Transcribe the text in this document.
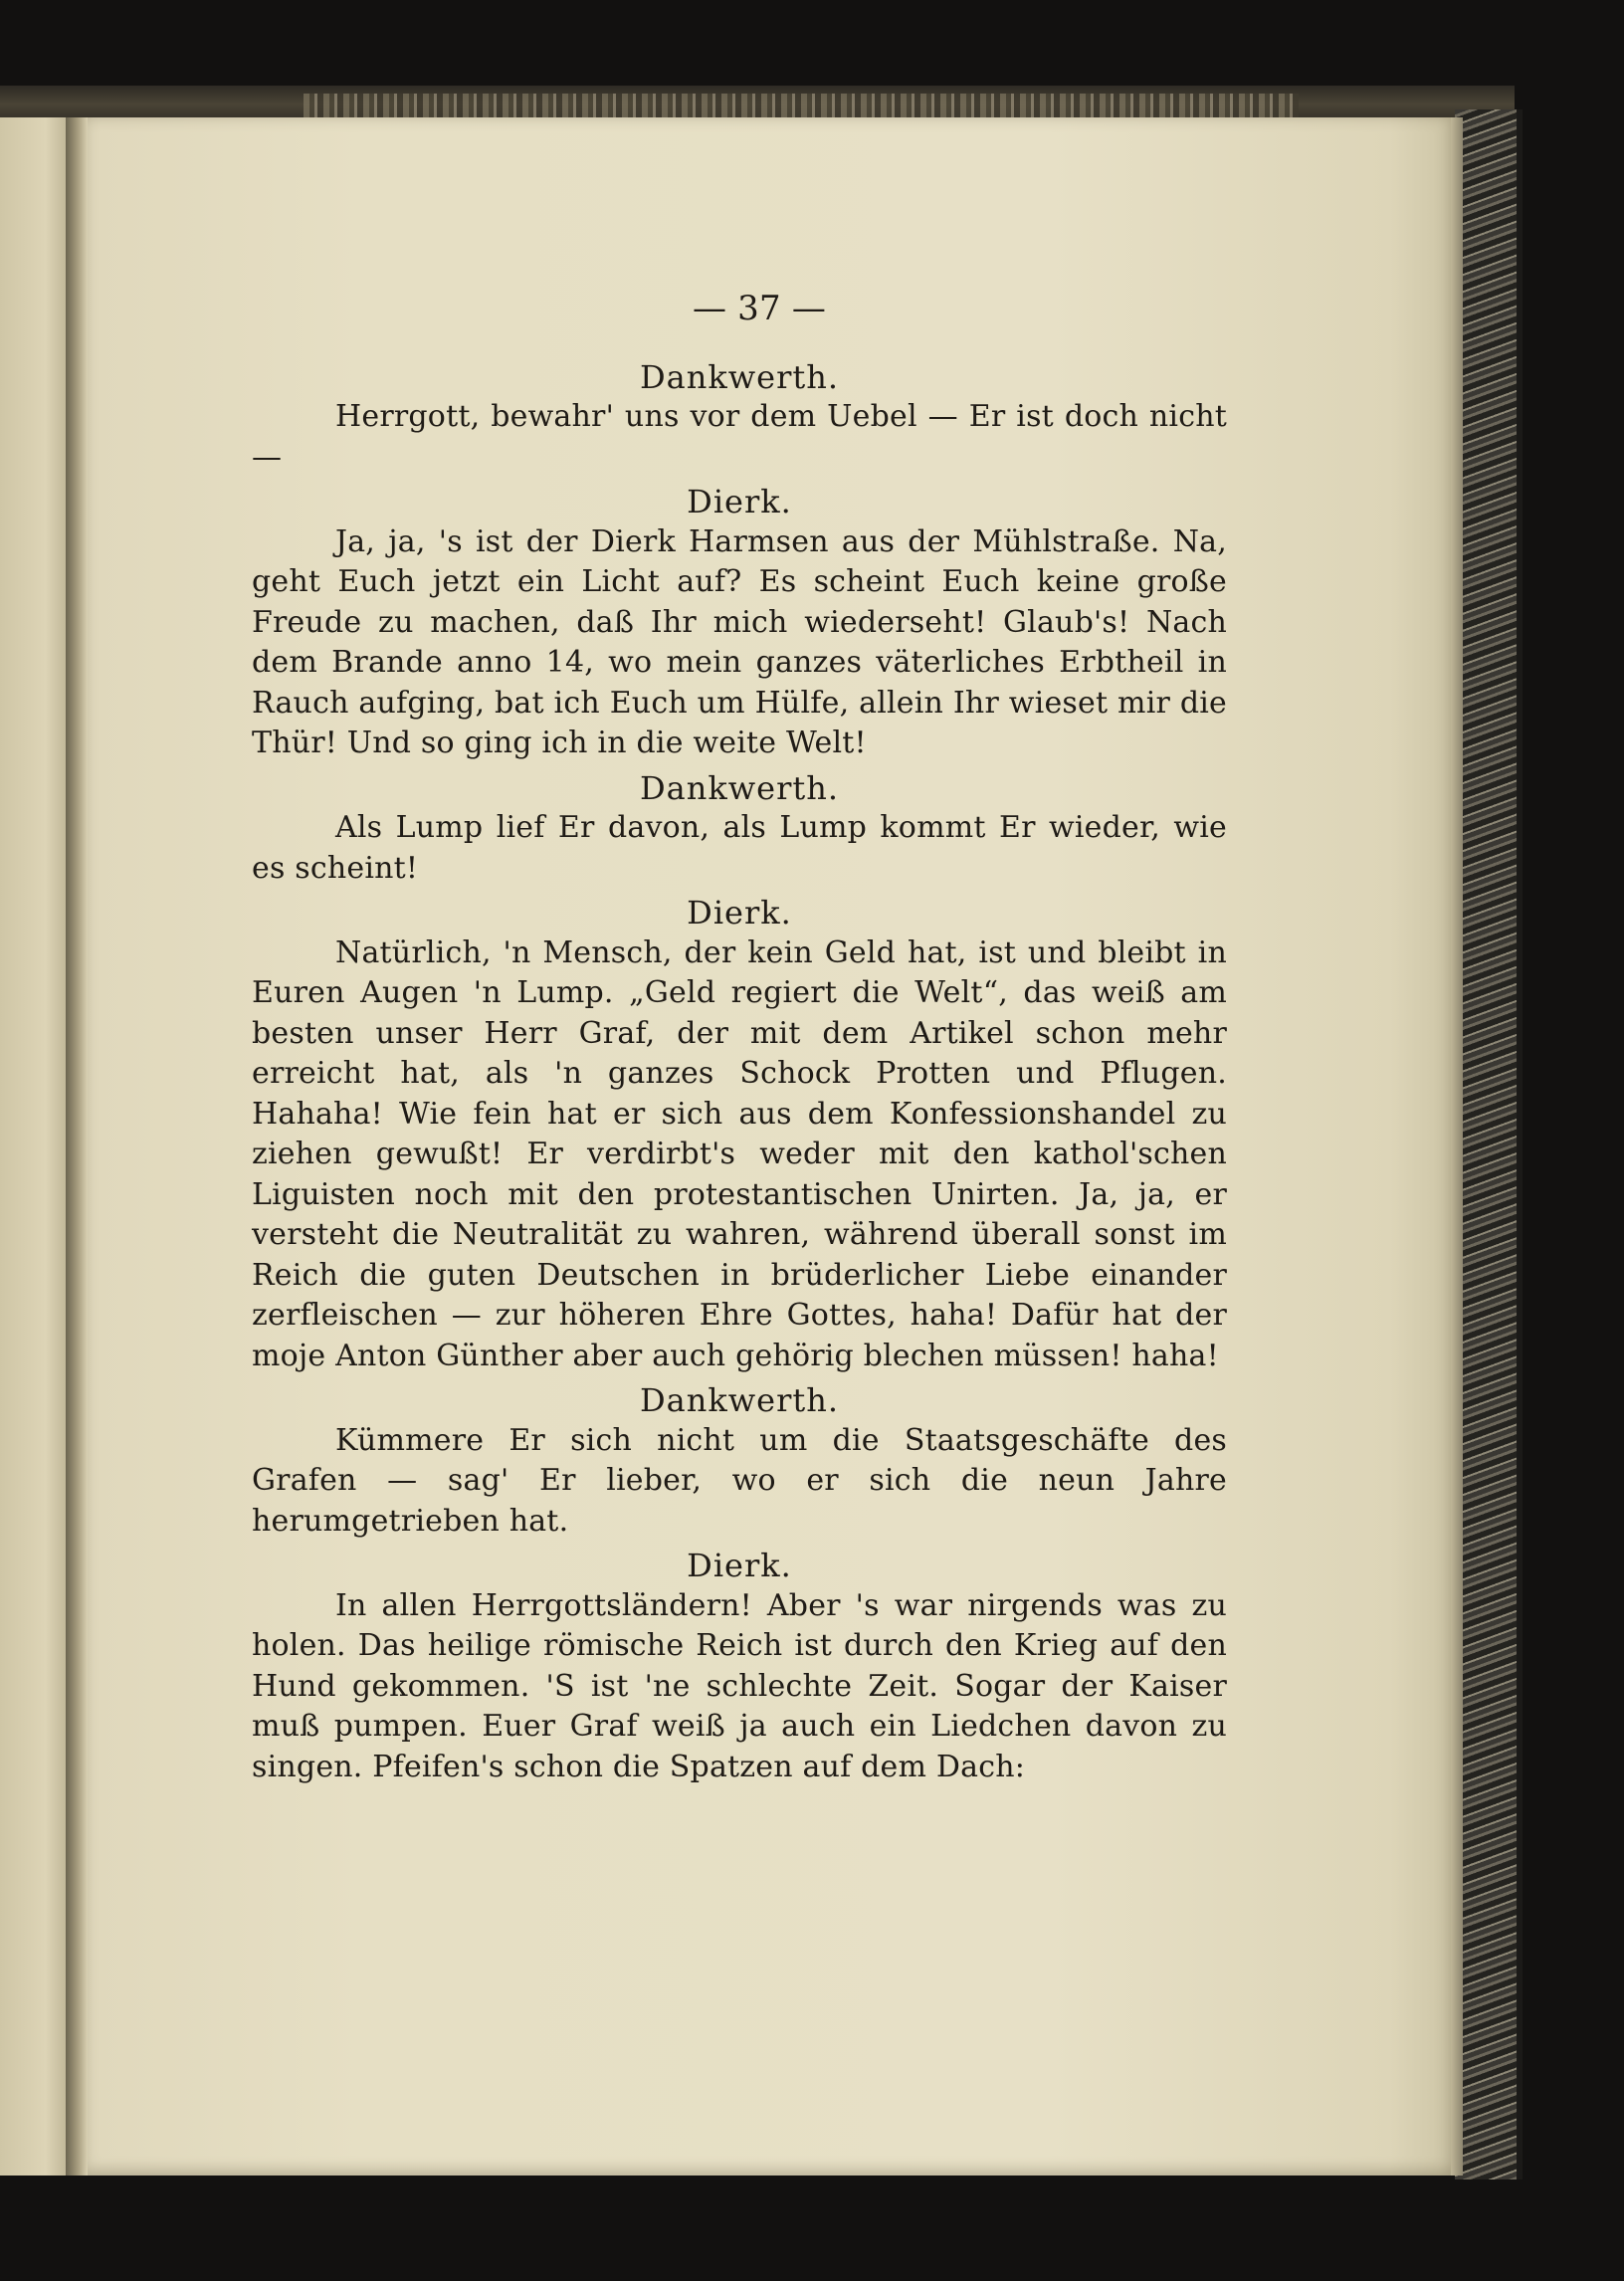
— 37 —
Dankwerth.

Herrgott, bewahr' uns vor dem Uebel — Er ist doch nicht —

Dierk.

Ja, ja, 's ist der Dierk Harmsen aus der Mühlstraße. Na, geht Euch jetzt ein Licht auf? Es scheint Euch keine große Freude zu machen, daß Ihr mich wiederseht! Glaub's! Nach dem Brande anno 14, wo mein ganzes väterliches Erbtheil in Rauch aufging, bat ich Euch um Hülfe, allein Ihr wieset mir die Thür! Und so ging ich in die weite Welt!

Dankwerth.

Als Lump lief Er davon, als Lump kommt Er wieder, wie es scheint!

Dierk.

Natürlich, 'n Mensch, der kein Geld hat, ist und bleibt in Euren Augen 'n Lump. „Geld regiert die Welt“, das weiß am besten unser Herr Graf, der mit dem Artikel schon mehr erreicht hat, als 'n ganzes Schock Protten und Pflugen. Hahaha! Wie fein hat er sich aus dem Konfessionshandel zu ziehen gewußt! Er verdirbt's weder mit den kathol'schen Liguisten noch mit den protestantischen Unirten. Ja, ja, er versteht die Neutralität zu wahren, während überall sonst im Reich die guten Deutschen in brüderlicher Liebe einander zerfleischen — zur höheren Ehre Gottes, haha! Dafür hat der moje Anton Günther aber auch gehörig blechen müssen! haha!

Dankwerth.

Kümmere Er sich nicht um die Staatsgeschäfte des Grafen — sag' Er lieber, wo er sich die neun Jahre herumgetrieben hat.

Dierk.

In allen Herrgottsländern! Aber 's war nirgends was zu holen. Das heilige römische Reich ist durch den Krieg auf den Hund gekommen. 'S ist 'ne schlechte Zeit. Sogar der Kaiser muß pumpen. Euer Graf weiß ja auch ein Liedchen davon zu singen. Pfeifen's schon die Spatzen auf dem Dach:
